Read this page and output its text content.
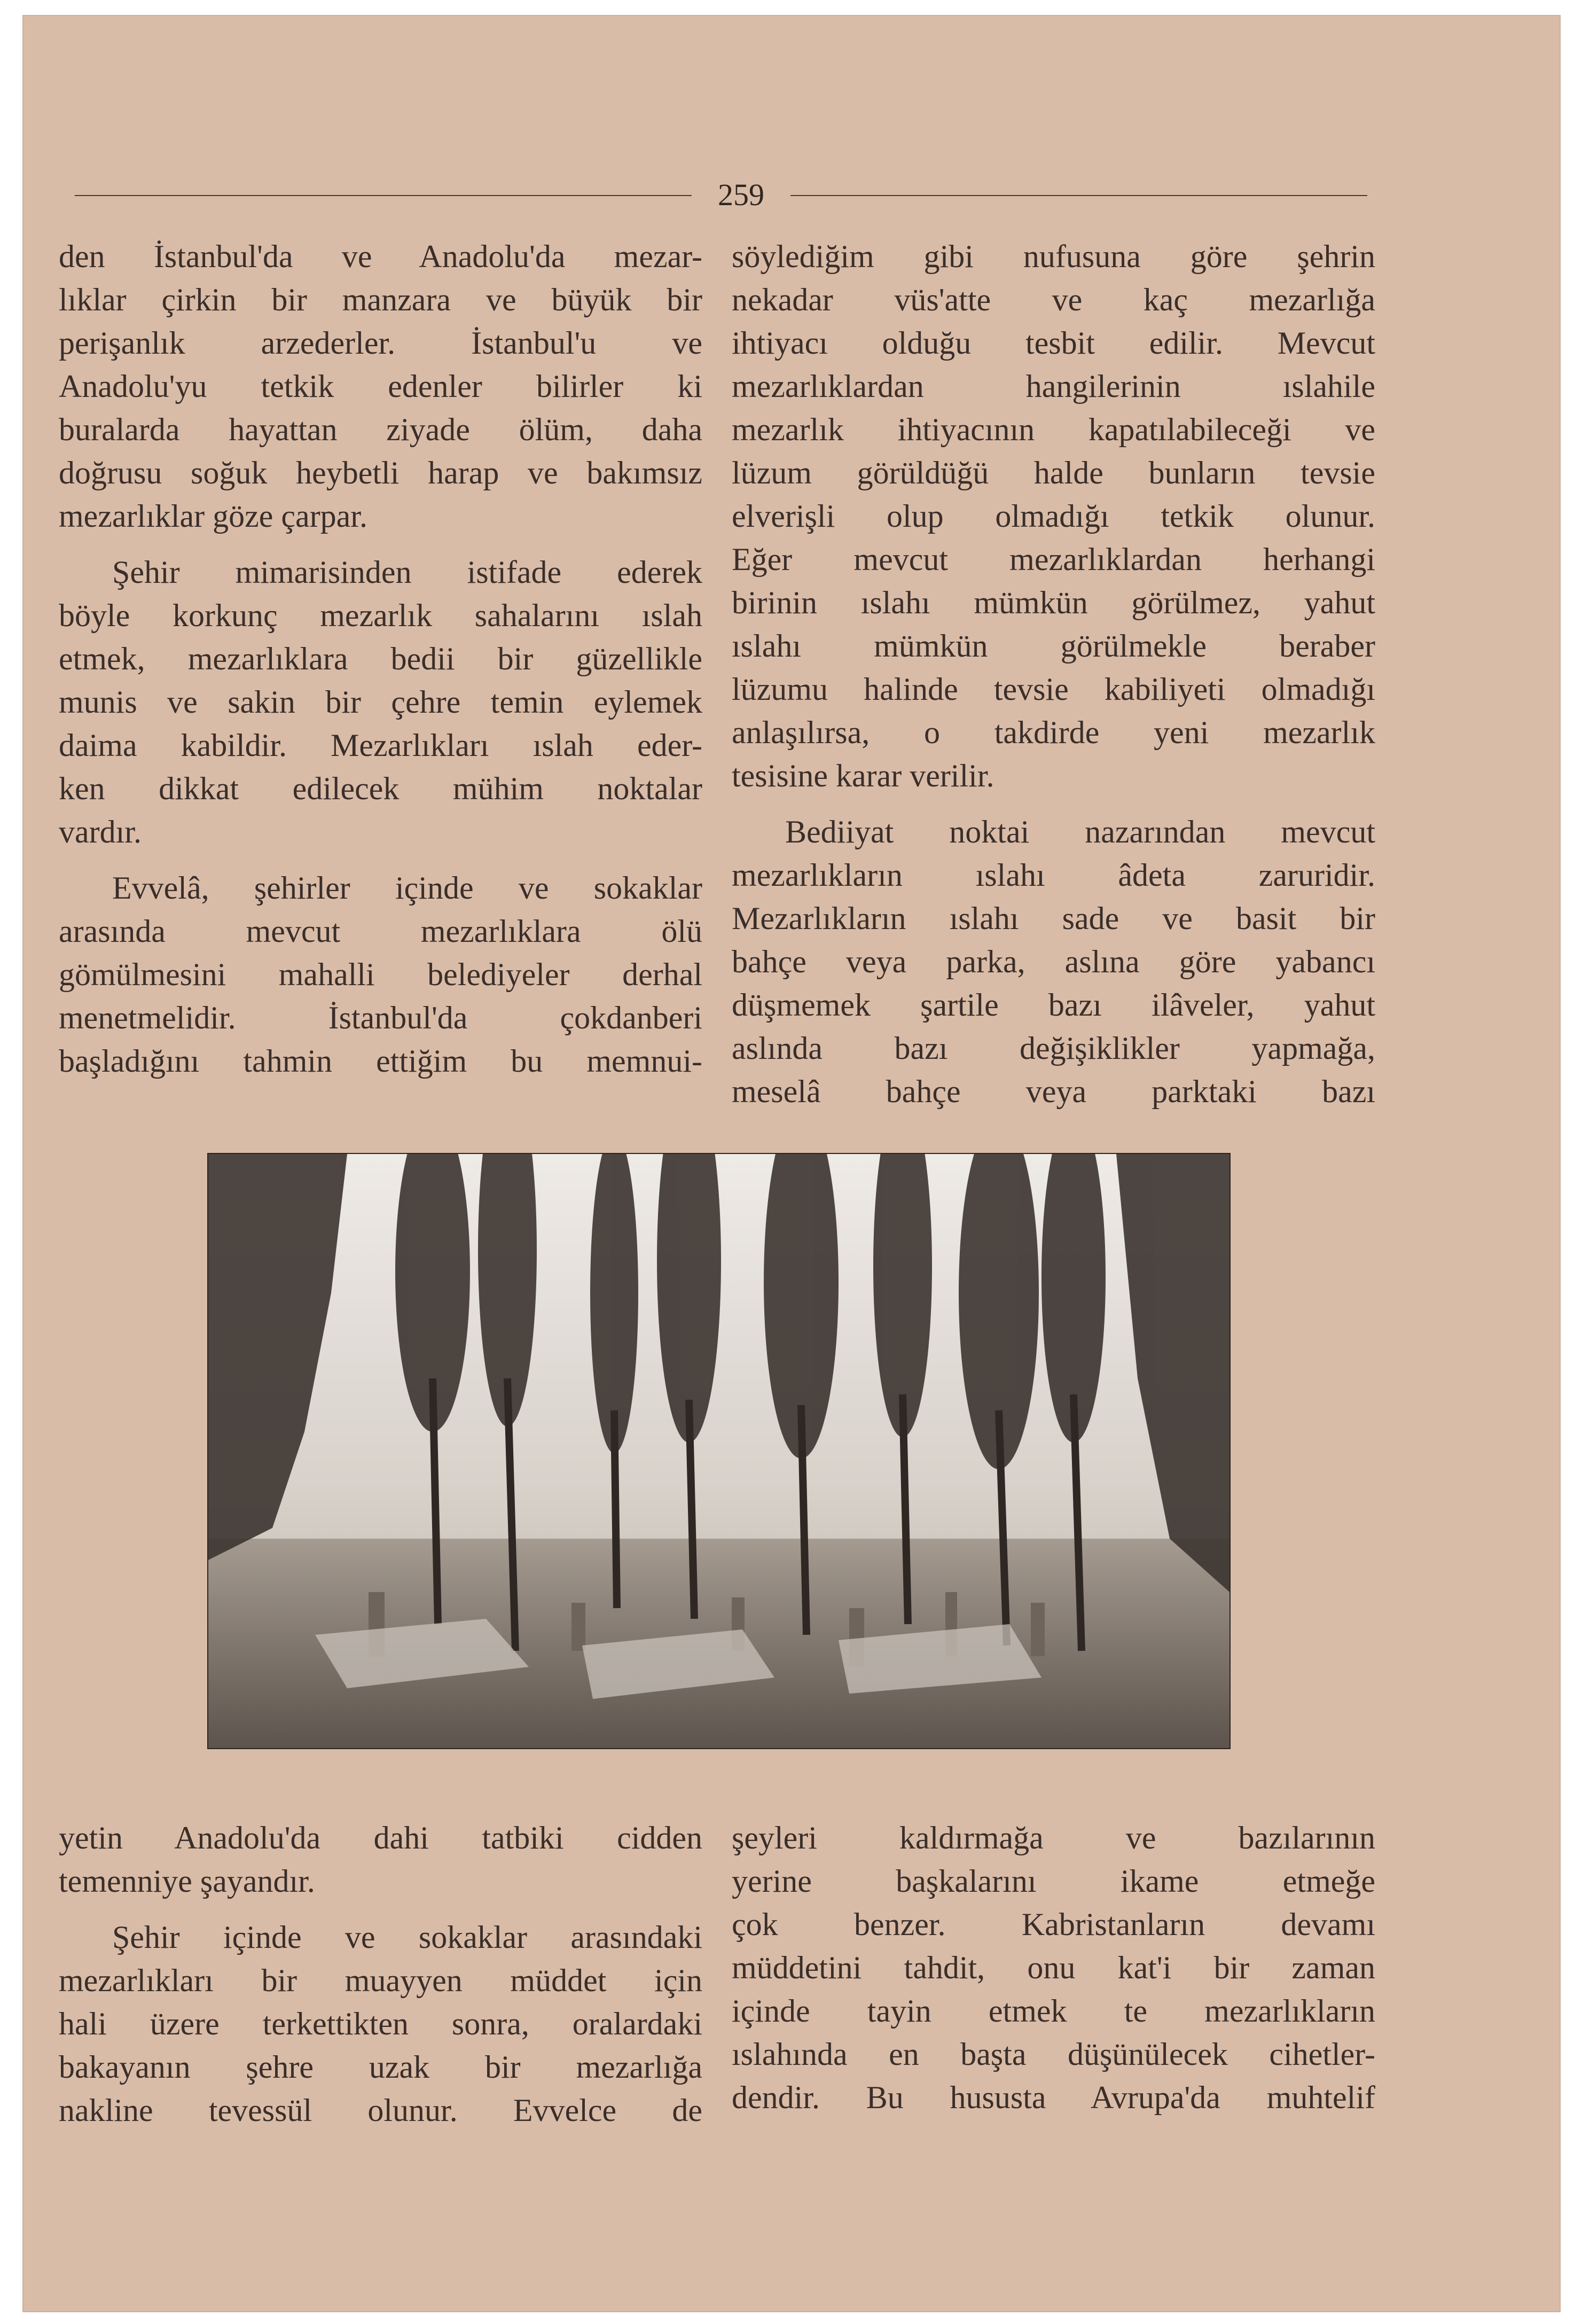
259
den İstanbul'da ve Anadolu'da mezar-
lıklar çirkin bir manzara ve büyük bir
perişanlık arzederler. İstanbul'u ve
Anadolu'yu tetkik edenler bilirler ki
buralarda hayattan ziyade ölüm, daha
doğrusu soğuk heybetli harap ve bakımsız
mezarlıklar göze çarpar.
Şehir mimarisinden istifade ederek
böyle korkunç mezarlık sahalarını ıslah
etmek, mezarlıklara bedii bir güzellikle
munis ve sakin bir çehre temin eylemek
daima kabildir. Mezarlıkları ıslah eder-
ken dikkat edilecek mühim noktalar
vardır.
Evvelâ, şehirler içinde ve sokaklar
arasında mevcut mezarlıklara ölü
gömülmesini mahalli belediyeler derhal
menetmelidir. İstanbul'da çokdanberi
başladığını tahmin ettiğim bu memnui-
söylediğim gibi nufusuna göre şehrin
nekadar vüs'atte ve kaç mezarlığa
ihtiyacı olduğu tesbit edilir. Mevcut
mezarlıklardan hangilerinin ıslahile
mezarlık ihtiyacının kapatılabileceği ve
lüzum görüldüğü halde bunların tevsie
elverişli olup olmadığı tetkik olunur.
Eğer mevcut mezarlıklardan herhangi
birinin ıslahı mümkün görülmez, yahut
ıslahı mümkün görülmekle beraber
lüzumu halinde tevsie kabiliyeti olmadığı
anlaşılırsa, o takdirde yeni mezarlık
tesisine karar verilir.
Bediiyat noktai nazarından mevcut
mezarlıkların ıslahı âdeta zaruridir.
Mezarlıkların ıslahı sade ve basit bir
bahçe veya parka, aslına göre yabancı
düşmemek şartile bazı ilâveler, yahut
aslında bazı değişiklikler yapmağa,
meselâ bahçe veya parktaki bazı
yetin Anadolu'da dahi tatbiki cidden
temenniye şayandır.
Şehir içinde ve sokaklar arasındaki
mezarlıkları bir muayyen müddet için
hali üzere terkettikten sonra, oralardaki
bakayanın şehre uzak bir mezarlığa
nakline tevessül olunur. Evvelce de
şeyleri kaldırmağa ve bazılarının
yerine başkalarını ikame etmeğe
çok benzer. Kabristanların devamı
müddetini tahdit, onu kat'i bir zaman
içinde tayin etmek te mezarlıkların
ıslahında en başta düşünülecek cihetler-
dendir. Bu hususta Avrupa'da muhtelif
